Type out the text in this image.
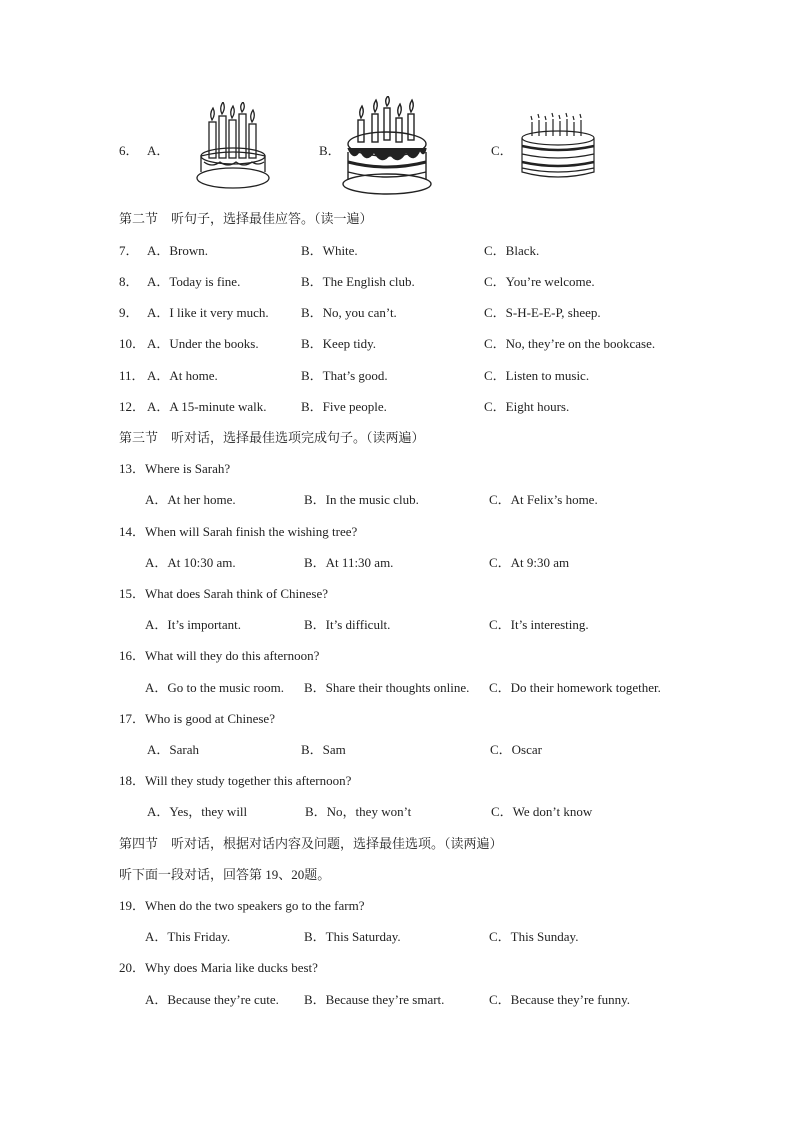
6． A．	B．	C．
第二节　听句子，选择最佳应答。（读一遍）
7． A．Brown.	B．White.	C．Black.
8． A．Today is fine.	B．The English club.	C．You’re welcome.
9． A．I like it very much. B．No, you can’t.	C．S-H-E-E-P, sheep.
10． A．Under the books.	B．Keep tidy.	C．No, they’re on the bookcase.
11． A．At home.	B．That’s good.	C．Listen to music.
12． A．A 15-minute walk.	B．Five people.	C．Eight hours.
第三节　听对话，选择最佳选项完成句子。（读两遍）
13．Where is Sarah?
A．At her home.	B．In the music club.	C．At Felix’s home.
14．When will Sarah finish the wishing tree?
A．At 10:30 am.	B．At 11:30 am.	C．At 9:30 am
15．What does Sarah think of Chinese?
A．It’s important.	B．It’s difficult.	C．It’s interesting.
16．What will they do this afternoon?
A．Go to the music room. B．Share their thoughts online. C．Do their homework together.
17．Who is good at Chinese?
A．Sarah	B．Sam	C．Oscar
18．Will they study together this afternoon?
A．Yes，they will	B．No，they won’t	C．We don’t know
第四节　听对话，根据对话内容及问题，选择最佳选项。（读两遍）
听下面一段对话，回答第 19、20题。
19．When do the two speakers go to the farm?
A．This Friday.	B．This Saturday.	C．This Sunday.
20．Why does Maria like ducks best?
A．Because they’re cute. B．Because they’re smart.	C．Because they’re funny.
